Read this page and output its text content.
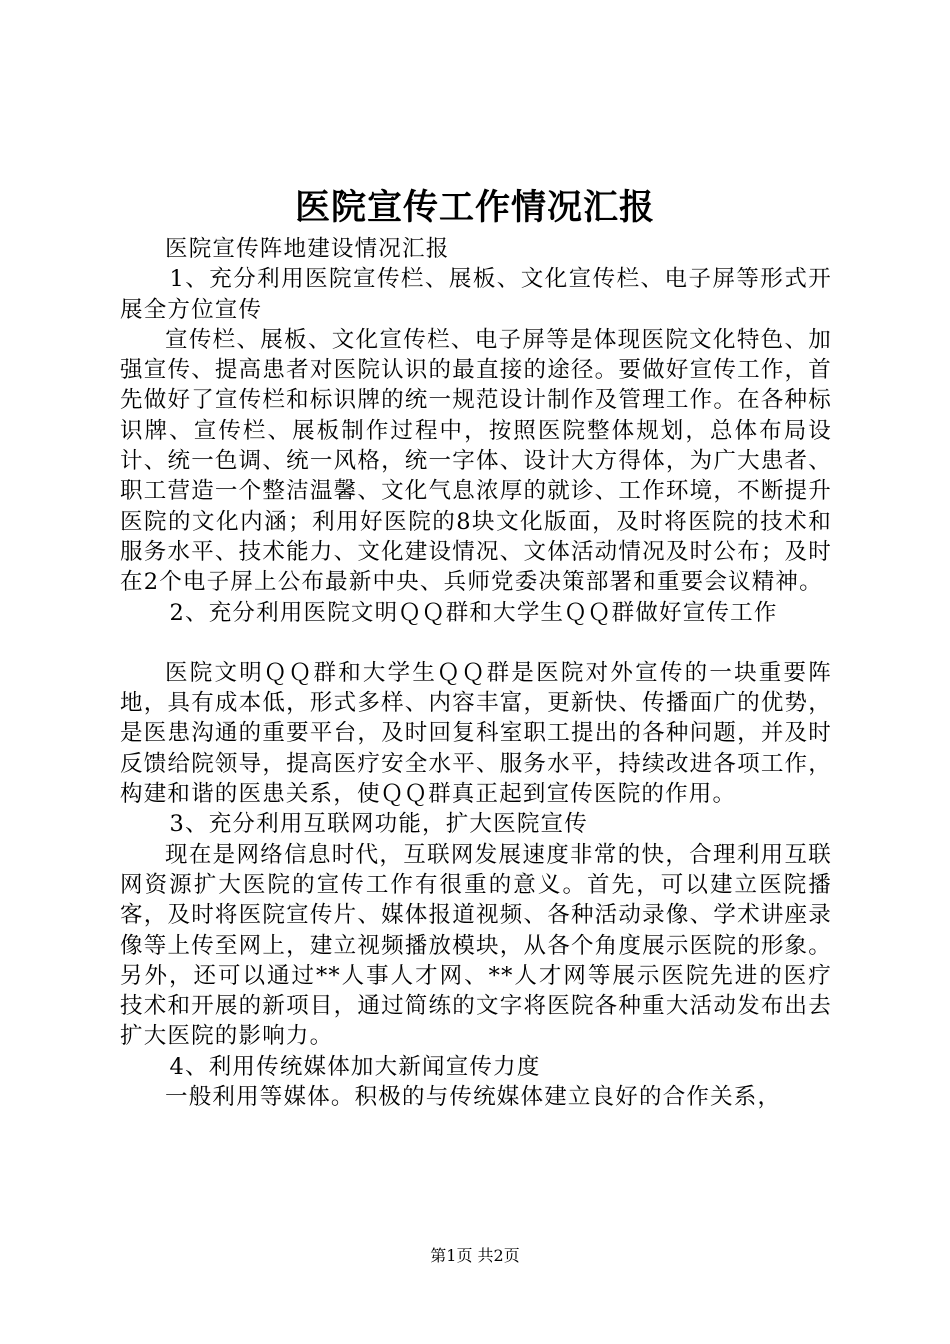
医院宣传工作情况汇报

医院宣传阵地建设情况汇报

1、充分利用医院宣传栏、展板、文化宣传栏、电子屏等形式开展全方位宣传

宣传栏、展板、文化宣传栏、电子屏等是体现医院文化特色、加强宣传、提高患者对医院认识的最直接的途径。要做好宣传工作，首先做好了宣传栏和标识牌的统一规范设计制作及管理工作。在各种标识牌、宣传栏、展板制作过程中，按照医院整体规划，总体布局设计、统一色调、统一风格，统一字体、设计大方得体，为广大患者、职工营造一个整洁温馨、文化气息浓厚的就诊、工作环境，不断提升医院的文化内涵；利用好医院的8块文化版面，及时将医院的技术和服务水平、技术能力、文化建设情况、文体活动情况及时公布；及时在2个电子屏上公布最新中央、兵师党委决策部署和重要会议精神。

2、充分利用医院文明ＱＱ群和大学生ＱＱ群做好宣传工作

医院文明ＱＱ群和大学生ＱＱ群是医院对外宣传的一块重要阵地，具有成本低，形式多样、内容丰富，更新快、传播面广的优势，是医患沟通的重要平台，及时回复科室职工提出的各种问题，并及时反馈给院领导，提高医疗安全水平、服务水平，持续改进各项工作，构建和谐的医患关系，使ＱＱ群真正起到宣传医院的作用。

3、充分利用互联网功能，扩大医院宣传

现在是网络信息时代，互联网发展速度非常的快，合理利用互联网资源扩大医院的宣传工作有很重的意义。首先，可以建立医院播客，及时将医院宣传片、媒体报道视频、各种活动录像、学术讲座录像等上传至网上，建立视频播放模块，从各个角度展示医院的形象。另外，还可以通过**人事人才网、**人才网等展示医院先进的医疗技术和开展的新项目，通过简练的文字将医院各种重大活动发布出去扩大医院的影响力。

4、利用传统媒体加大新闻宣传力度

一般利用等媒体。积极的与传统媒体建立良好的合作关系，

第1页 共2页
